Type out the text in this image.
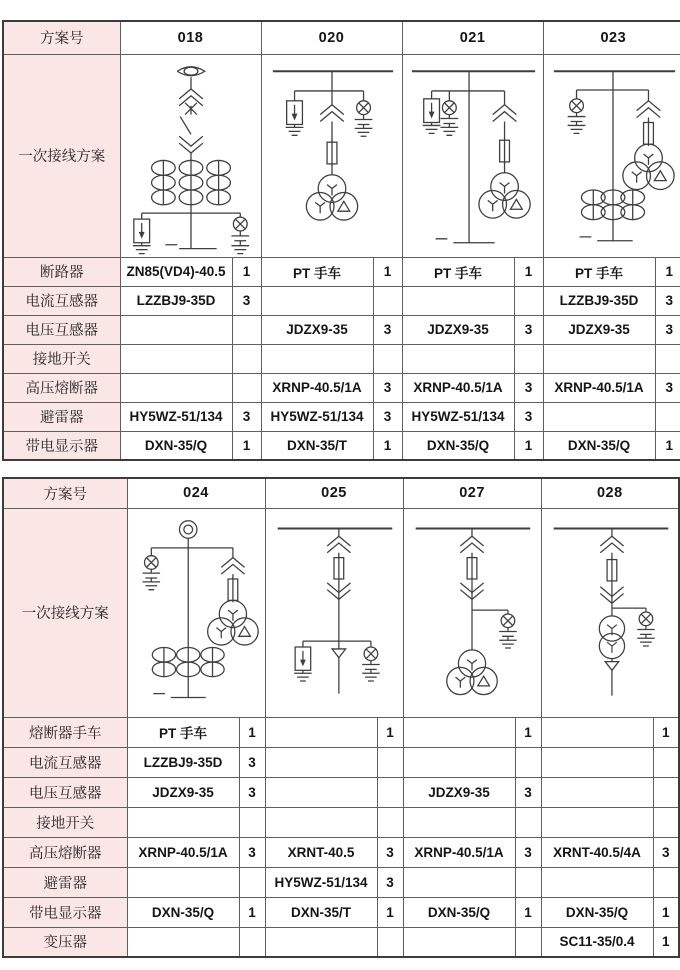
方案号	018		020		021		023	
一次接线方案	

断路器	ZN85(VD4)-40.5	1	PT 手车	1	PT 手车	1	PT 手车	1
电流互感器	LZZBJ9-35D	3					LZZBJ9-35D	3
电压互感器			JDZX9-35	3	JDZX9-35	3	JDZX9-35	3
接地开关								
高压熔断器			XRNP-40.5/1A	3	XRNP-40.5/1A	3	XRNP-40.5/1A	3
避雷器	HY5WZ-51/134	3	HY5WZ-51/134	3	HY5WZ-51/134	3		
带电显示器	DXN-35/Q	1	DXN-35/T	1	DXN-35/Q	1	DXN-35/Q	1
方案号	024		025		027		028	
一次接线方案	

熔断器手车	PT 手车	1		1		1		1
电流互感器	LZZBJ9-35D	3						
电压互感器	JDZX9-35	3			JDZX9-35	3		
接地开关								
高压熔断器	XRNP-40.5/1A	3	XRNT-40.5	3	XRNP-40.5/1A	3	XRNT-40.5/4A	3
避雷器			HY5WZ-51/134	3				
带电显示器	DXN-35/Q	1	DXN-35/T	1	DXN-35/Q	1	DXN-35/Q	1
变压器							SC11-35/0.4	1
